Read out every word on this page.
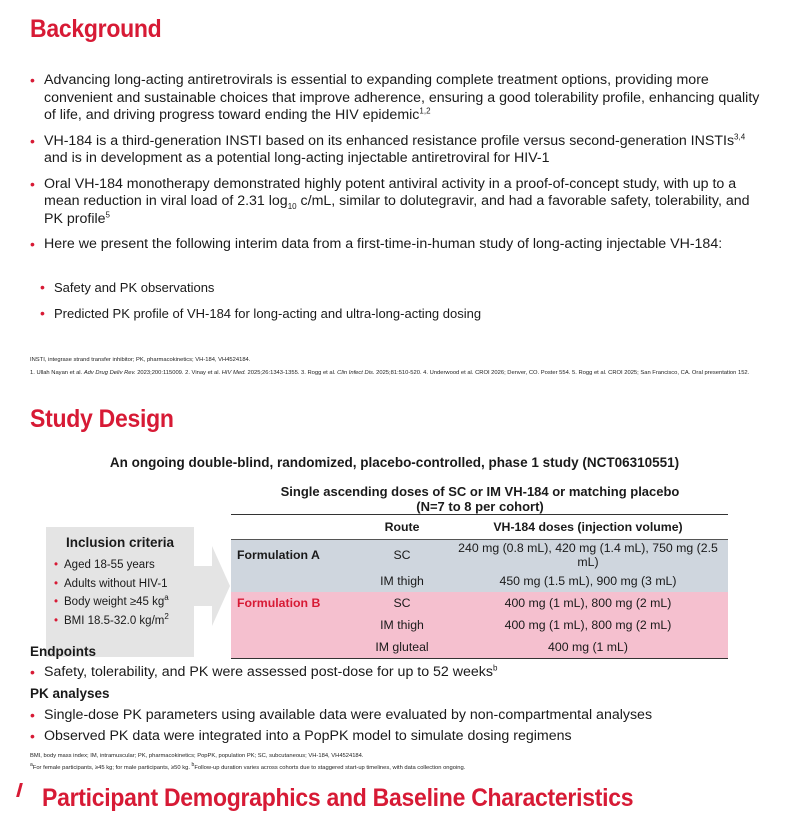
Background
• Advancing long-acting antiretrovirals is essential to expanding complete treatment options, providing more convenient and sustainable choices that improve adherence, ensuring a good tolerability profile, enhancing quality of life, and driving progress toward ending the HIV epidemic$^{1,2}$
• VH-184 is a third-generation INSTI based on its enhanced resistance profile versus second-generation INSTIs$^{3,4}$ and is in development as a potential long-acting injectable antiretroviral for HIV-1
• Oral VH-184 monotherapy demonstrated highly potent antiviral activity in a proof-of-concept study, with up to a mean reduction in viral load of 2.31 $\log_{10} c/mL$, similar to dolutegravir, and had a favorable safety, tolerability, and PK profile$^5$
• Here we present the following interim data from a first-time-in-human study of long-acting injectable VH-184:
• Safety and PK observations
• Predicted PK profile of VH-184 for long-acting and ultra-long-acting dosing
INSTI, integrase strand transfer inhibitor; PK, pharmacokinetics; VH-184, VH4524184.
1. Ullah Nayan et al. Adv Drug Deliv Rev. 2023;200:115009. 2. Vinay et al. HIV Med. 2025;26:1343-1355. 3. Rogg et al. Clin Infect Dis. 2025;81:510-520. 4. Underwood et al. CROI 2026; Denver, CO. Poster 554. 5. Rogg et al. CROI 2025; San Francisco, CA. Oral presentation 152.
Study Design
An ongoing double-blind, randomized, placebo-controlled, phase 1 study (NCT06310551)
Single ascending doses of SC or IM VH-184 or matching placebo
(N=7 to 8 per cohort)
Inclusion criteria
• Aged 18-55 years
• Adults without HIV-1
• Body weight ≥45 $kg^a$
• BMI 18.5-32.0 $kg/m^2$
	Route	VH-184 doses (injection volume)
Formulation A	SC	240 mg (0.8 mL), 420 mg (1.4 mL), 750 mg (2.5 mL)
	IM thigh	450 mg (1.5 mL), 900 mg (3 mL)
Formulation B	SC	400 mg (1 mL), 800 mg (2 mL)
	IM thigh	400 mg (1 mL), 800 mg (2 mL)
	IM gluteal	400 mg (1 mL)
Endpoints
• Safety, tolerability, and PK were assessed post-dose for up to 52 weeks$^b$
PK analyses
• Single-dose PK parameters using available data were evaluated by non-compartmental analyses
• Observed PK data were integrated into a PopPK model to simulate dosing regimens
BMI, body mass index; IM, intramuscular; PK, pharmacokinetics; PopPK, population PK; SC, subcutaneous; VH-184, VH4524184.
$^a$For female participants, ≥45 kg; for male participants, ≥50 kg. $^b$Follow-up duration varies across cohorts due to staggered start-up timelines, with data collection ongoing.
Participant Demographics and Baseline Characteristics
